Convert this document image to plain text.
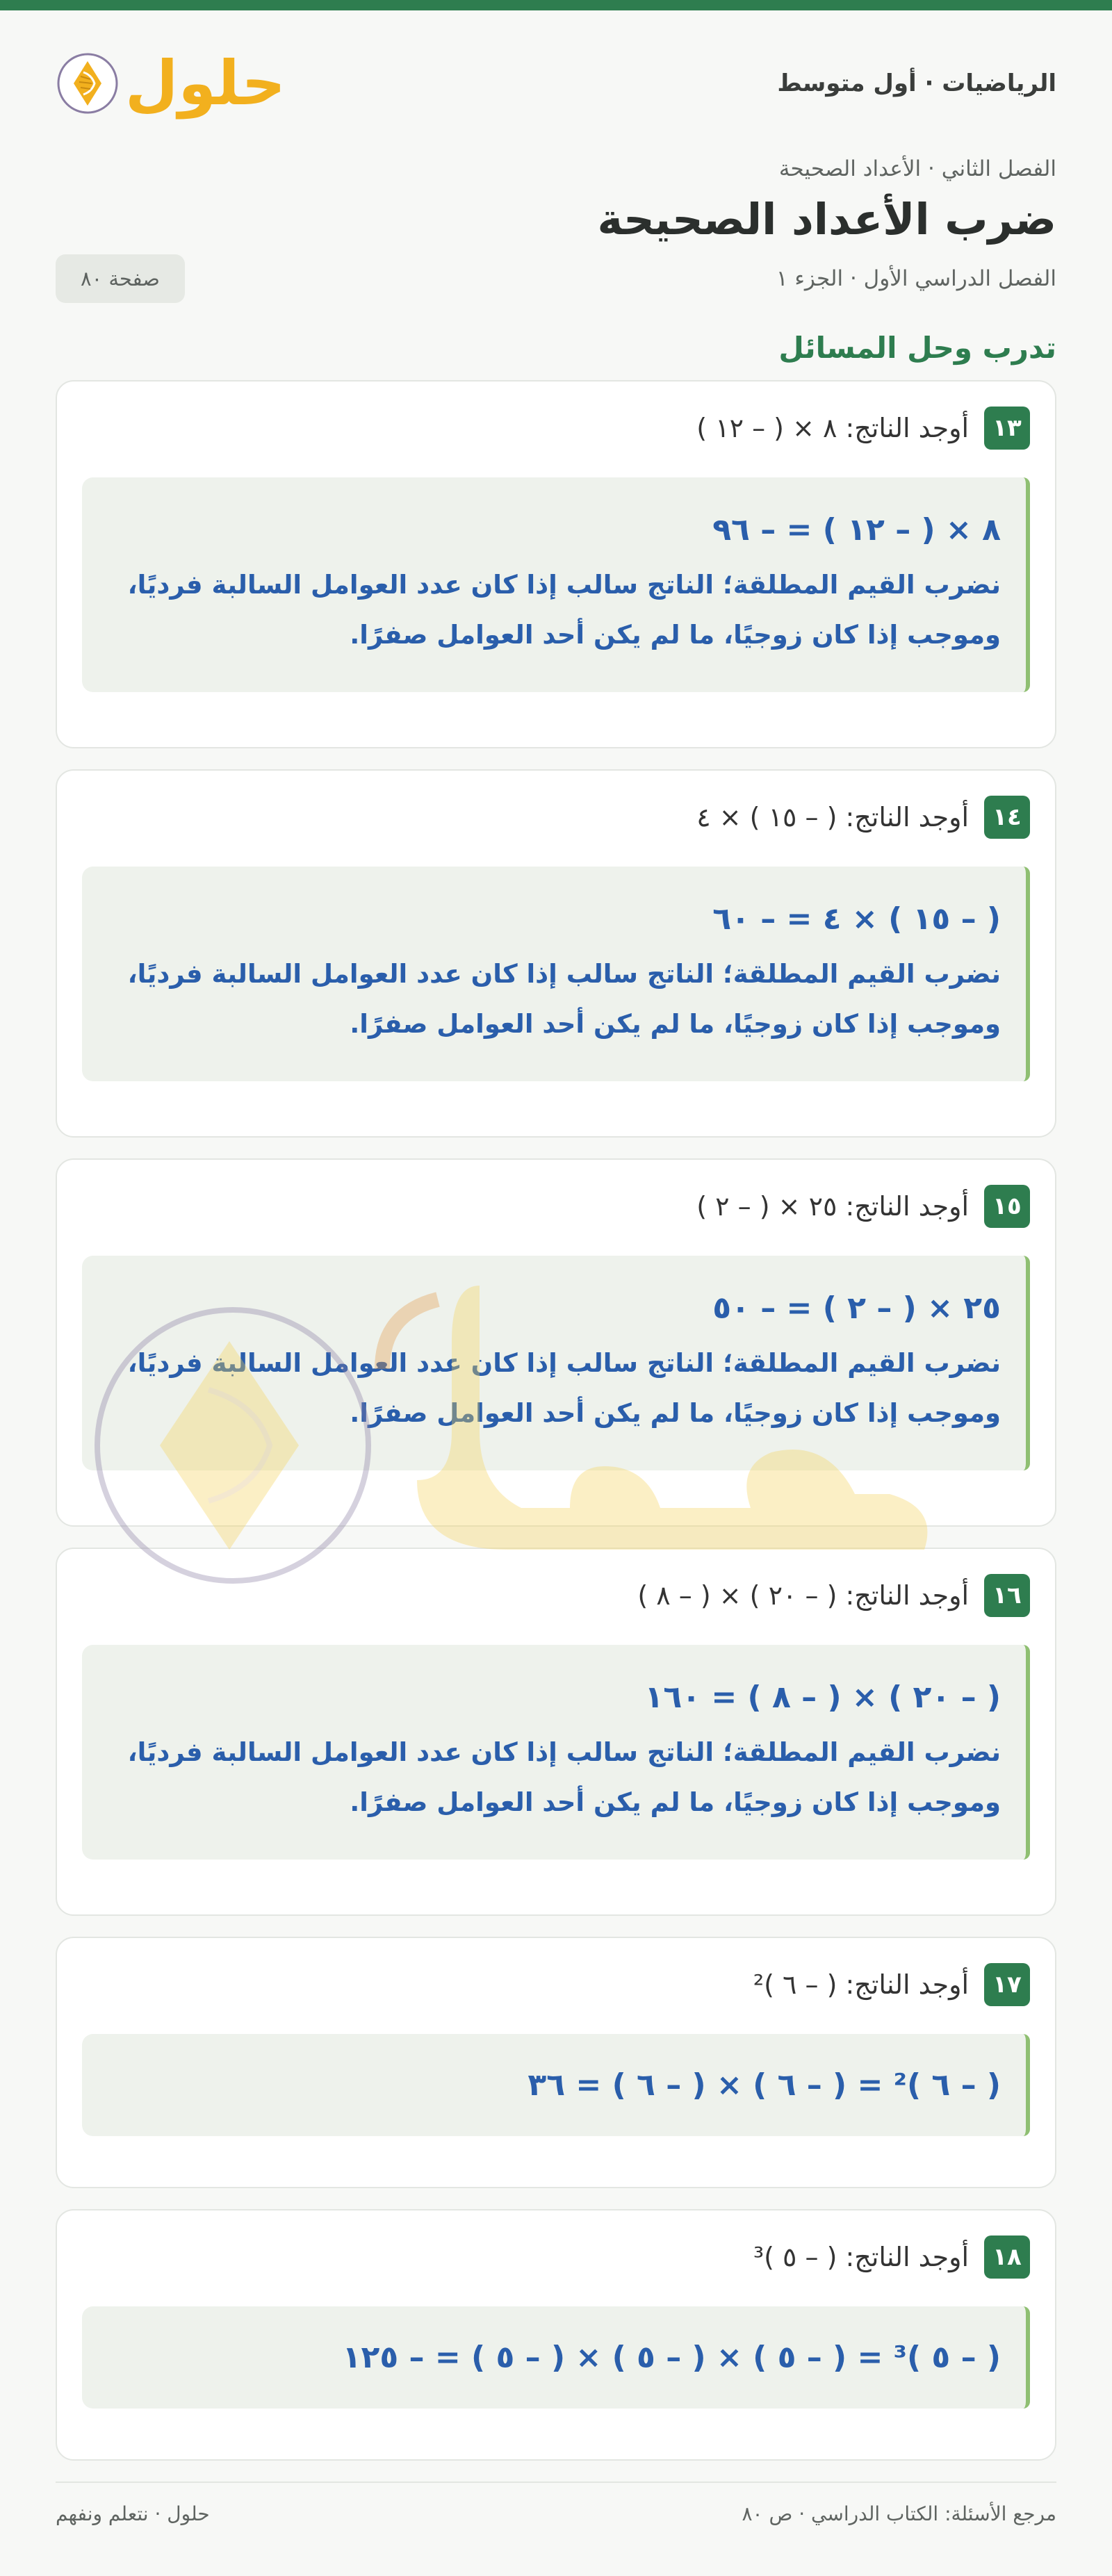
الرياضيات · أول متوسط
حلول
الفصل الثاني · الأعداد الصحيحة
ضرب الأعداد الصحيحة
الفصل الدراسي الأول · الجزء ١
صفحة ٨٠
تدرب وحل المسائل
١٣
أوجد الناتج: ٨ × ( – ١٢ )
٨ × ( – ١٢ ) = – ٩٦
نضرب القيم المطلقة؛ الناتج سالب إذا كان عدد العوامل السالبة فرديًا،
وموجب إذا كان زوجيًا، ما لم يكن أحد العوامل صفرًا.
١٤
أوجد الناتج: ( – ١٥ ) × ٤
( – ١٥ ) × ٤ = – ٦٠
نضرب القيم المطلقة؛ الناتج سالب إذا كان عدد العوامل السالبة فرديًا،
وموجب إذا كان زوجيًا، ما لم يكن أحد العوامل صفرًا.
١٥
أوجد الناتج: ٢٥ × ( – ٢ )
٢٥ × ( – ٢ ) = – ٥٠
نضرب القيم المطلقة؛ الناتج سالب إذا كان عدد العوامل السالبة فرديًا،
وموجب إذا كان زوجيًا، ما لم يكن أحد العوامل صفرًا.
١٦
أوجد الناتج: ( – ٢٠ ) × ( – ٨ )
( – ٢٠ ) × ( – ٨ ) = ١٦٠
نضرب القيم المطلقة؛ الناتج سالب إذا كان عدد العوامل السالبة فرديًا،
وموجب إذا كان زوجيًا، ما لم يكن أحد العوامل صفرًا.
١٧
أوجد الناتج: ( – ٦ )²
( – ٦ )² = ( – ٦ ) × ( – ٦ ) = ٣٦
١٨
أوجد الناتج: ( – ٥ )³
( – ٥ )³ = ( – ٥ ) × ( – ٥ ) × ( – ٥ ) = – ١٢٥
مرجع الأسئلة: الكتاب الدراسي · ص ٨٠
حلول · نتعلم ونفهم
